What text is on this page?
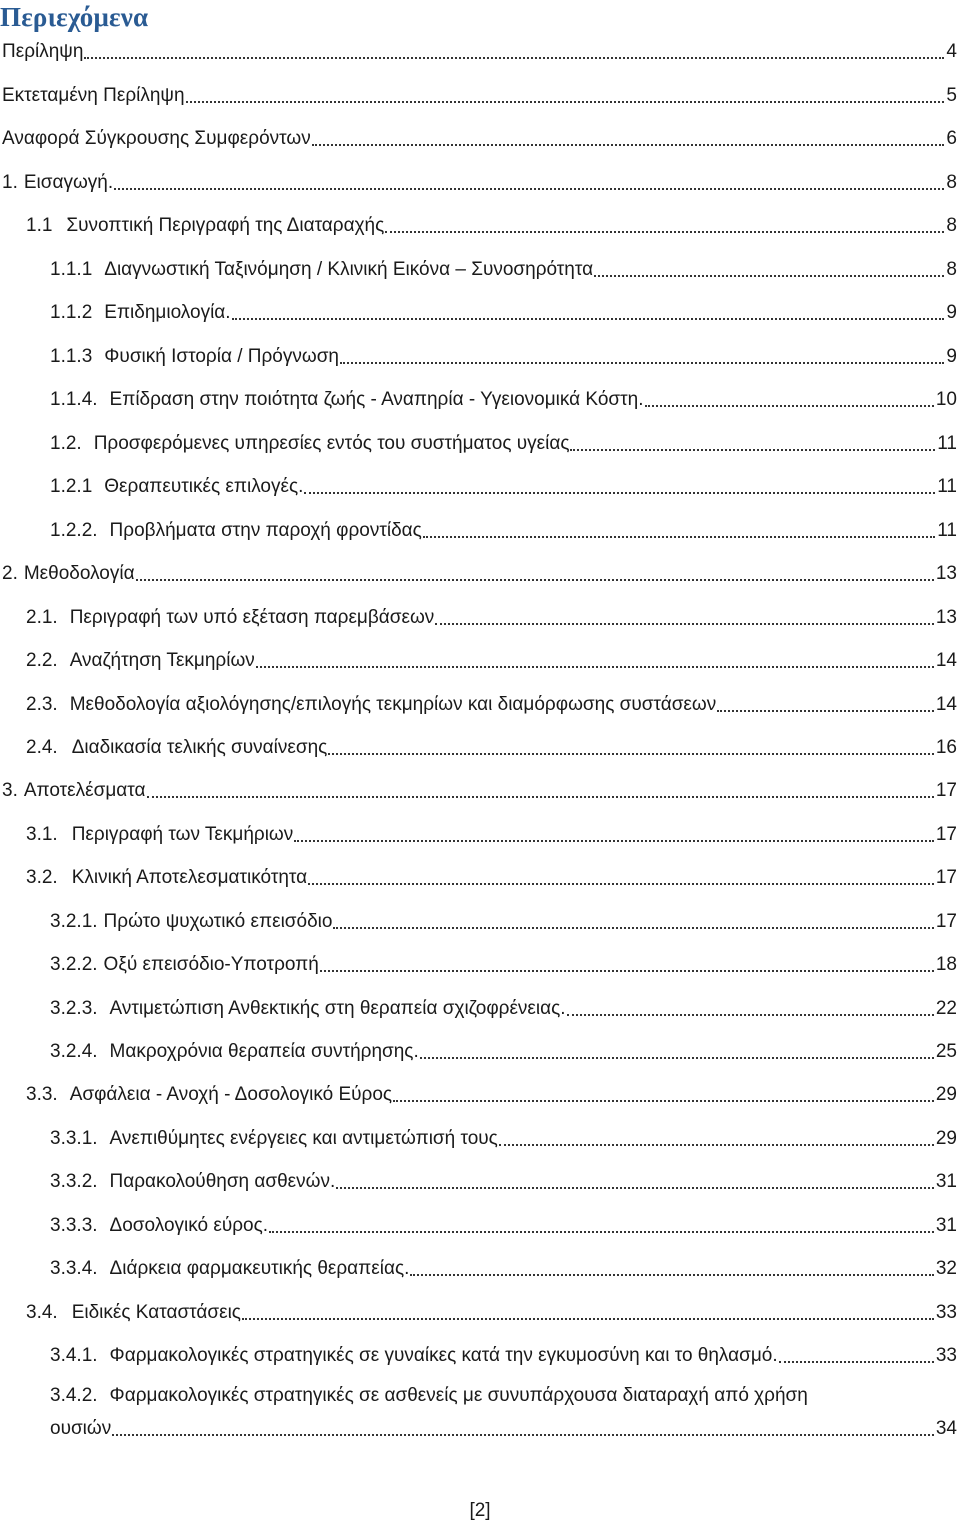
Περιεχόμενα
Περίληψη	4
Εκτεταμένη Περίληψη	5
Αναφορά Σύγκρουσης Συμφερόντων	6
1. Εισαγωγή.	8
1.1 Συνοπτική Περιγραφή της Διαταραχής	8
1.1.1 Διαγνωστική Ταξινόμηση / Κλινική Εικόνα – Συνοσηρότητα	8
1.1.2 Επιδημιολογία.	9
1.1.3 Φυσική Ιστορία / Πρόγνωση	9
1.1.4. Επίδραση στην ποιότητα ζωής - Αναπηρία - Υγειονομικά Κόστη.	10
1.2. Προσφερόμενες υπηρεσίες εντός του συστήματος υγείας	11
1.2.1 Θεραπευτικές επιλογές.	11
1.2.2. Προβλήματα στην παροχή φροντίδας	11
2. Μεθοδολογία	13
2.1. Περιγραφή των υπό εξέταση παρεμβάσεων	13
2.2. Αναζήτηση Τεκμηρίων	14
2.3. Μεθοδολογία αξιολόγησης/επιλογής τεκμηρίων και διαμόρφωσης συστάσεων	14
2.4. Διαδικασία τελικής συναίνεσης	16
3. Αποτελέσματα	17
3.1. Περιγραφή των Τεκμήριων	17
3.2. Κλινική Αποτελεσματικότητα	17
3.2.1. Πρώτο ψυχωτικό επεισόδιο	17
3.2.2. Οξύ επεισόδιο-Υποτροπή	18
3.2.3. Αντιμετώπιση Ανθεκτικής στη θεραπεία σχιζοφρένειας.	22
3.2.4. Μακροχρόνια θεραπεία συντήρησης.	25
3.3. Ασφάλεια - Ανοχή - Δοσολογικό Εύρος	29
3.3.1. Ανεπιθύμητες ενέργειες και αντιμετώπισή τους	29
3.3.2. Παρακολούθηση ασθενών.	31
3.3.3. Δοσολογικό εύρος.	31
3.3.4. Διάρκεια φαρμακευτικής θεραπείας.	32
3.4. Ειδικές Καταστάσεις	33
3.4.1. Φαρμακολογικές στρατηγικές σε γυναίκες κατά την εγκυμοσύνη και το θηλασμό.	33
3.4.2. Φαρμακολογικές στρατηγικές σε ασθενείς με συνυπάρχουσα διαταραχή από χρήση
ουσιών	34
[2]
